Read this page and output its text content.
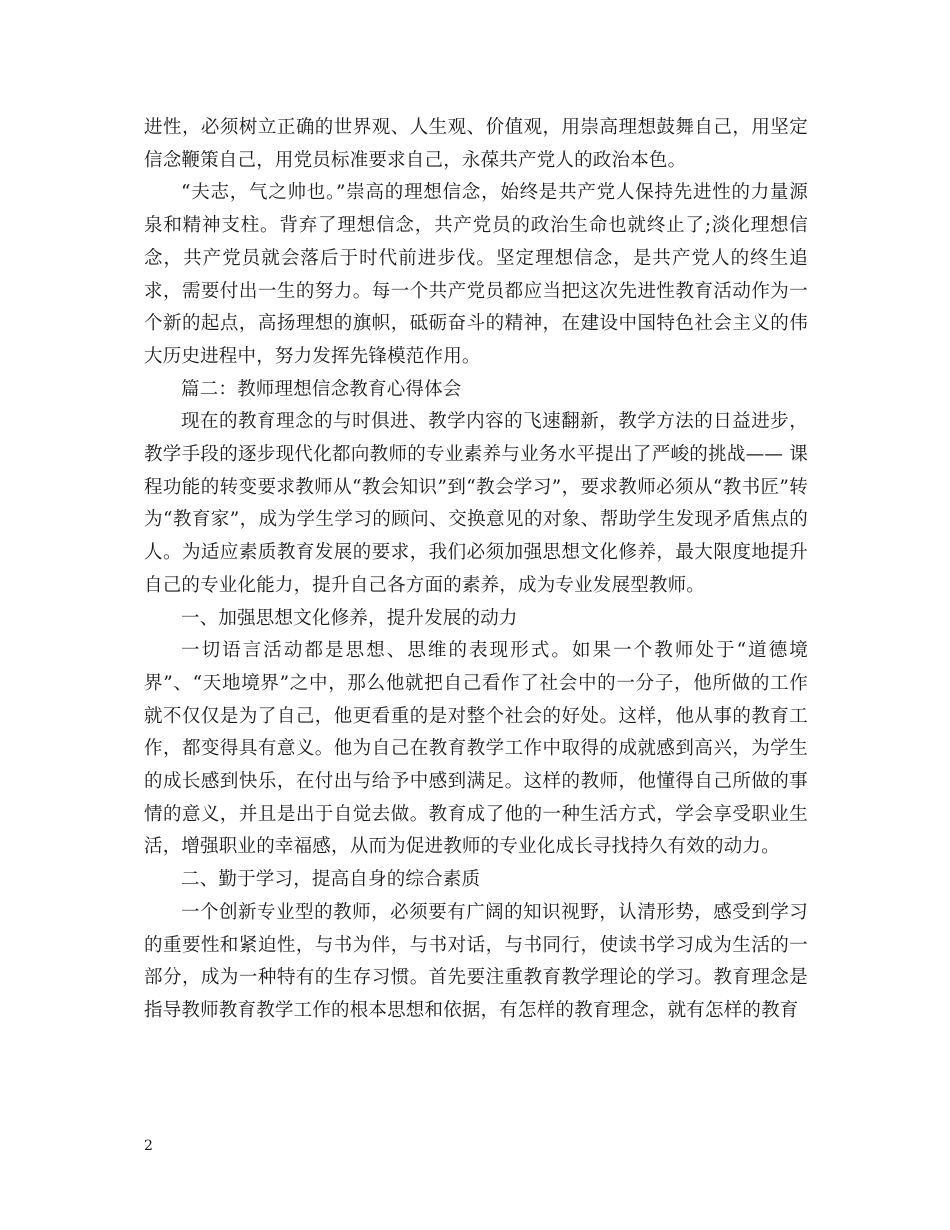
进性，必须树立正确的世界观、人生观、价值观，用崇高理想鼓舞自己，用坚定信念鞭策自己，用党员标准要求自己，永葆共产党人的政治本色。

“夫志，气之帅也。”崇高的理想信念，始终是共产党人保持先进性的力量源泉和精神支柱。背弃了理想信念，共产党员的政治生命也就终止了;淡化理想信念，共产党员就会落后于时代前进步伐。坚定理想信念，是共产党人的终生追求，需要付出一生的努力。每一个共产党员都应当把这次先进性教育活动作为一个新的起点，高扬理想的旗帜，砥砺奋斗的精神，在建设中国特色社会主义的伟大历史进程中，努力发挥先锋模范作用。

篇二：教师理想信念教育心得体会

现在的教育理念的与时俱进、教学内容的飞速翻新，教学方法的日益进步，教学手段的逐步现代化都向教师的专业素养与业务水平提出了严峻的挑战—— 课程功能的转变要求教师从“教会知识”到“教会学习”，要求教师必须从“教书匠”转为“教育家”，成为学生学习的顾问、交换意见的对象、帮助学生发现矛盾焦点的人。为适应素质教育发展的要求，我们必须加强思想文化修养，最大限度地提升自己的专业化能力，提升自己各方面的素养，成为专业发展型教师。

一、加强思想文化修养，提升发展的动力

一切语言活动都是思想、思维的表现形式。如果一个教师处于“道德境界”、“天地境界”之中，那么他就把自己看作了社会中的一分子，他所做的工作就不仅仅是为了自己，他更看重的是对整个社会的好处。这样，他从事的教育工作，都变得具有意义。他为自己在教育教学工作中取得的成就感到高兴，为学生的成长感到快乐，在付出与给予中感到满足。这样的教师，他懂得自己所做的事情的意义，并且是出于自觉去做。教育成了他的一种生活方式，学会享受职业生活，增强职业的幸福感，从而为促进教师的专业化成长寻找持久有效的动力。

二、勤于学习，提高自身的综合素质

一个创新专业型的教师，必须要有广阔的知识视野，认清形势，感受到学习的重要性和紧迫性，与书为伴，与书对话，与书同行，使读书学习成为生活的一部分，成为一种特有的生存习惯。首先要注重教育教学理论的学习。教育理念是指导教师教育教学工作的根本思想和依据，有怎样的教育理念，就有怎样的教育

2
